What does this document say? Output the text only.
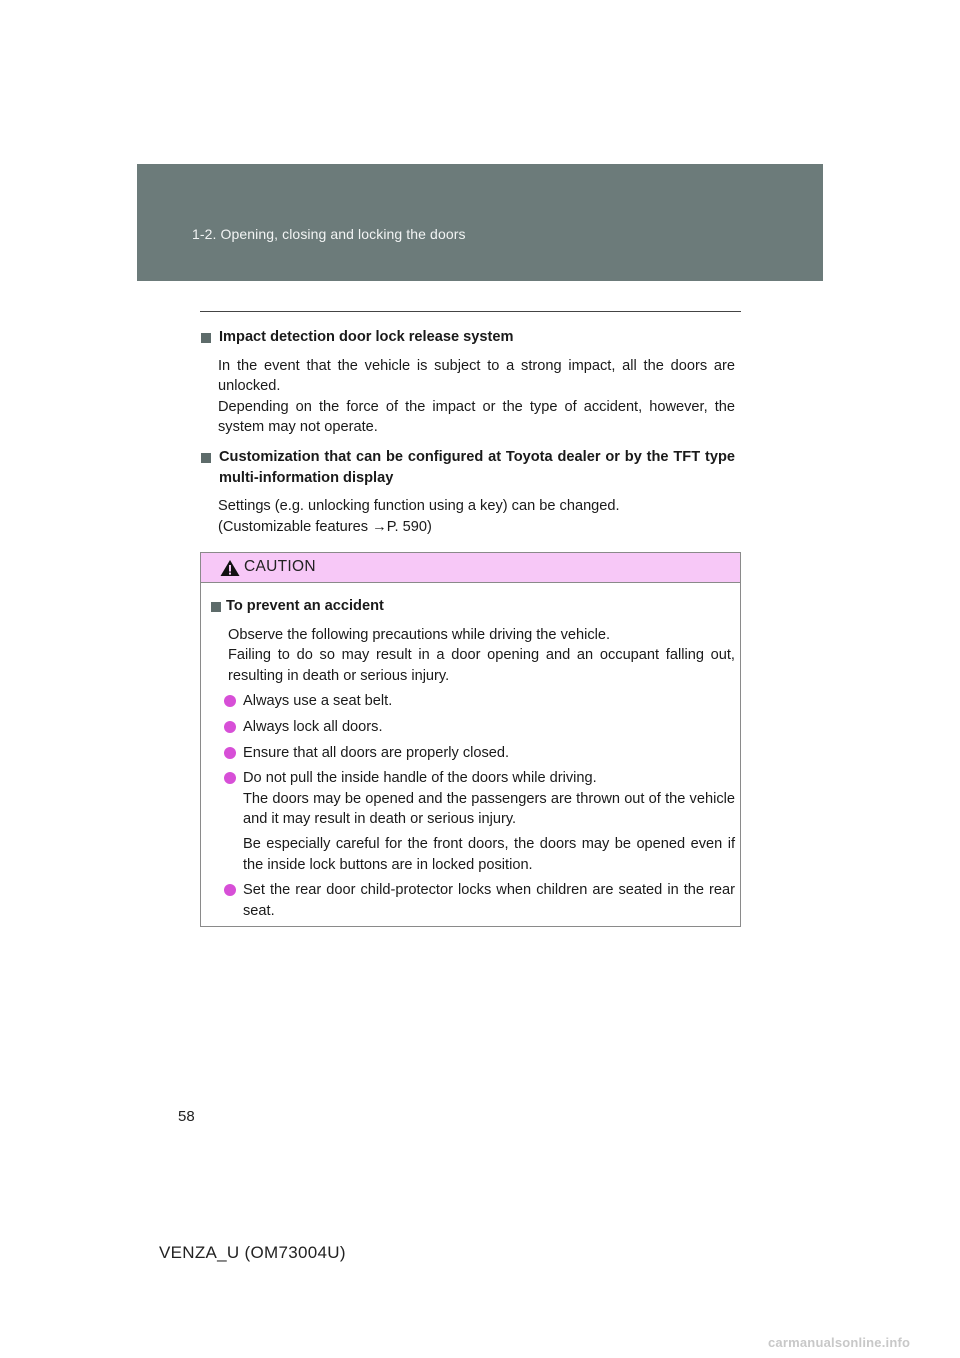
1-2. Opening, closing and locking the doors
Impact detection door lock release system
In the event that the vehicle is subject to a strong impact, all the doors are unlocked.
Depending on the force of the impact or the type of accident, however, the system may not operate.
Customization that can be configured at Toyota dealer or by the TFT type multi-information display
Settings (e.g. unlocking function using a key) can be changed.
(Customizable features →P. 590)
CAUTION
To prevent an accident
Observe the following precautions while driving the vehicle.
Failing to do so may result in a door opening and an occupant falling out, resulting in death or serious injury.
Always use a seat belt.
Always lock all doors.
Ensure that all doors are properly closed.
Do not pull the inside handle of the doors while driving.
The doors may be opened and the passengers are thrown out of the vehicle and it may result in death or serious injury.
Be especially careful for the front doors, the doors may be opened even if the inside lock buttons are in locked position.
Set the rear door child-protector locks when children are seated in the rear seat.
58
VENZA_U (OM73004U)
carmanualsonline.info
